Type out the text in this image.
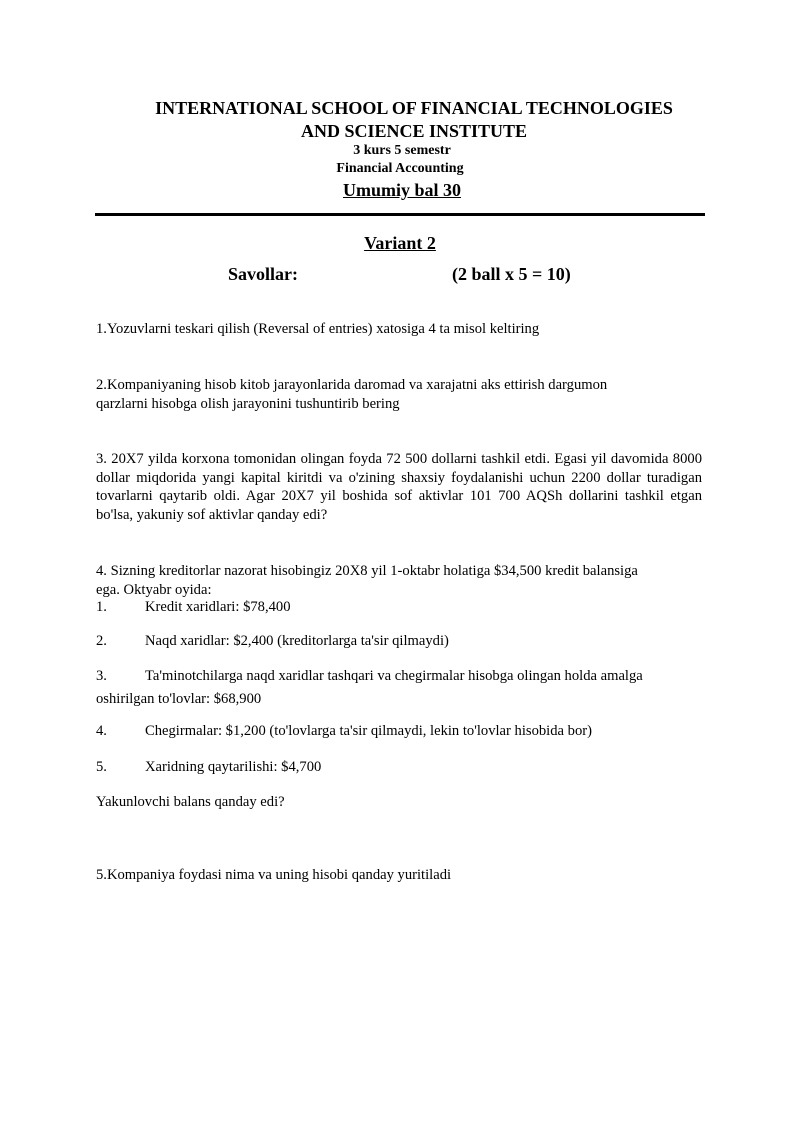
INTERNATIONAL SCHOOL OF FINANCIAL TECHNOLOGIES
AND SCIENCE INSTITUTE
3 kurs 5 semestr
Financial Accounting
Umumiy bal 30
Variant 2
Savollar:	(2 ball x 5 = 10)
1.Yozuvlarni teskari qilish (Reversal of entries) xatosiga 4 ta misol keltiring
2.Kompaniyaning hisob kitob jarayonlarida daromad va xarajatni aks ettirish dargumon
qarzlarni hisobga olish jarayonini tushuntirib bering
3. 20X7 yilda korxona tomonidan olingan foyda 72 500 dollarni tashkil etdi. Egasi yil davomida 8000 dollar miqdorida yangi kapital kiritdi va o'zining shaxsiy foydalanishi uchun 2200 dollar turadigan tovarlarni qaytarib oldi. Agar 20X7 yil boshida sof aktivlar 101 700 AQSh dollarini tashkil etgan bo'lsa, yakuniy sof aktivlar qanday edi?
4. Sizning kreditorlar nazorat hisobingiz 20X8 yil 1-oktabr holatiga $34,500 kredit balansiga
ega. Oktyabr oyida:
1.	Kredit xaridlari: $78,400
2.	Naqd xaridlar: $2,400 (kreditorlarga ta'sir qilmaydi)
3.	Ta'minotchilarga naqd xaridlar tashqari va chegirmalar hisobga olingan holda amalga
oshirilgan to'lovlar: $68,900
4.	Chegirmalar: $1,200 (to'lovlarga ta'sir qilmaydi, lekin to'lovlar hisobida bor)
5.	Xaridning qaytarilishi: $4,700
Yakunlovchi balans qanday edi?
5.Kompaniya foydasi nima va uning hisobi qanday yuritiladi
